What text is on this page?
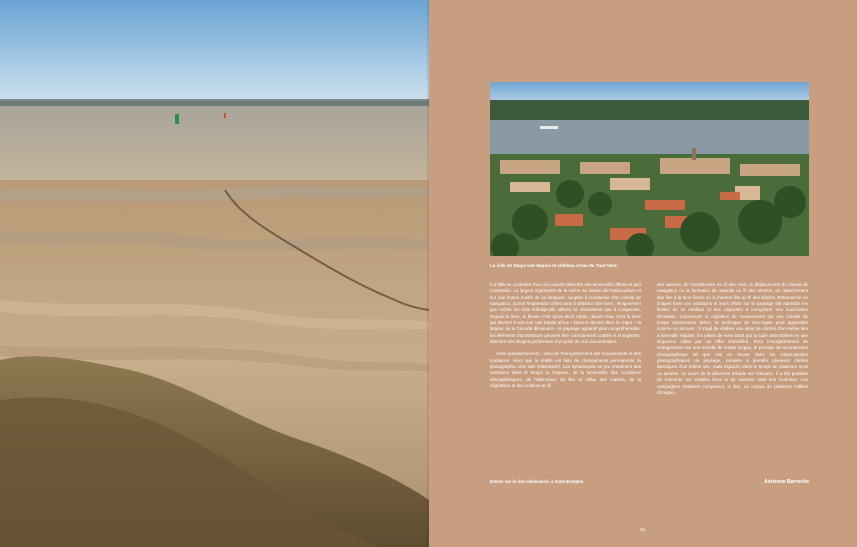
La ville de Blaye vue depuis le château d'eau de Tout-Vent.

Il a fallu se contenter d'un ciel couvert délivrant une luminosité diffuse et peu contrastée. La largeur importante de la rivière au niveau de l'embouchure et sur une bonne moitié de sa longueur, couplée à l'existence d'un chenal de navigation, donne l'impression d'être tenu à distance des rives ; éloignement que même les forts téléobjectifs utilisés ne réussissent pas à compenser. Depuis la terre, le fleuve n'est qu'un étroit ruban, depuis l'eau c'est la terre qui devient à son tour une bande ténue ! Dans le dernier tiers du trajet – la largeur de la Gironde diminuant – le paysage apparaît plus compréhensible, les éléments d'architecture peuvent être correctement cadrés et enregistrés, donnant des images pertinentes d'un point de vue documentaire.

Autre questionnement : celui de l'enregistrement des mouvements et des mutations. Alors que la réalité est faite de changements permanents, la photographie crée des instantanés. Les dynamiques en jeu entraînent des variations dans le temps et l'espace, de la luminosité, des conditions atmosphériques, de l'alternance du flux et reflux des marées, de la végétation et des cultures au fil

des saisons, de l'architecture au fil des mois, le déplacement du chenal de navigation ou la formation de vasards au fil des années, du rattachement des îles à la terre ferme ou à d'autres îles au fil des siècles. Retranscrire en images fixes ces variations et leurs effets sur le paysage fait atteindre les limites de ce médium et ses capacités à enregistrer une succession d'instants. Concernant la captation de mouvements sur une échelle de temps relativement brève, la technique du time-lapse peut apparaître comme un recours ; il s'agit de réaliser une série de clichés d'un même lieu à intervalle régulier, les prises de vues étant par la suite assemblées en une séquence vidéo par un effet d'accéléré. Pour l'enregistrement de changements sur une échelle de temps longue, le principe de reconduction photographique tel que mis en œuvre dans les Observatoires photographiques du paysage, consiste à prendre plusieurs clichés identiques d'un même site, mais espacés dans le temps de plusieurs mois ou années. Au cours de la décennie d'étude sur l'estuaire, il a été possible de retourner sur certains lieux et de mesurer ainsi leur évolution. Les campagnes réalisées composent, in fine, un corpus de plusieurs milliers d'images.

Estran sur la rive médocaine, à Saint-Estèphe.	Adrienne Barroche
45
